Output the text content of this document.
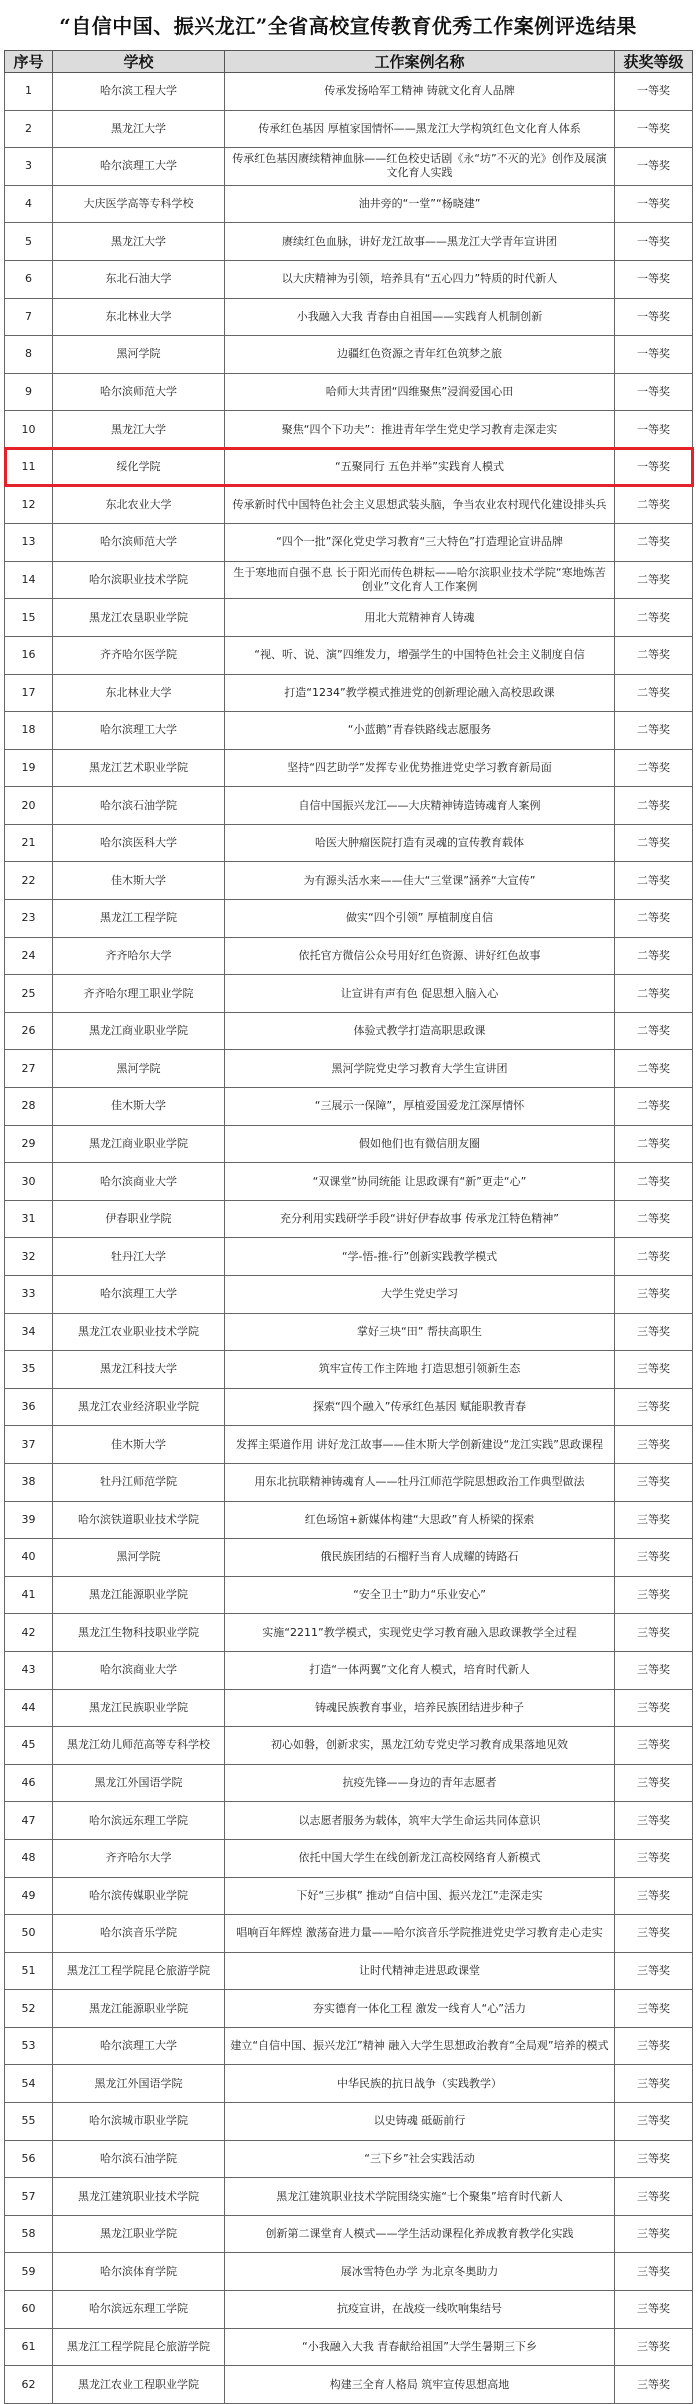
“自信中国、振兴龙江”全省高校宣传教育优秀工作案例评选结果
序号	学校	工作案例名称	获奖等级
1	哈尔滨工程大学	传承发扬哈军工精神 铸就文化育人品牌	一等奖
2	黑龙江大学	传承红色基因 厚植家国情怀——黑龙江大学构筑红色文化育人体系	一等奖
3	哈尔滨理工大学	传承红色基因赓续精神血脉——红色校史话剧《永“坊”不灭的光》创作及展演文化育人实践	一等奖
4	大庆医学高等专科学校	油井旁的“一堂”“杨晓建”	一等奖
5	黑龙江大学	赓续红色血脉，讲好龙江故事——黑龙江大学青年宣讲团	一等奖
6	东北石油大学	以大庆精神为引领，培养具有“五心四力”特质的时代新人	一等奖
7	东北林业大学	小我融入大我 青春由自祖国——实践育人机制创新	一等奖
8	黑河学院	边疆红色资源之青年红色筑梦之旅	一等奖
9	哈尔滨师范大学	哈师大共青团“四维聚焦”浸润爱国心田	一等奖
10	黑龙江大学	聚焦“四个下功夫”：推进青年学生党史学习教育走深走实	一等奖
11	绥化学院	“五聚同行 五色并举”实践育人模式	一等奖
12	东北农业大学	传承新时代中国特色社会主义思想武装头脑，争当农业农村现代化建设排头兵	二等奖
13	哈尔滨师范大学	“四个一批”深化党史学习教育“三大特色”打造理论宣讲品牌	二等奖
14	哈尔滨职业技术学院	生于寒地而自强不息 长于阳光而传色耕耘——哈尔滨职业技术学院“寒地炼苦创业”文化育人工作案例	二等奖
15	黑龙江农垦职业学院	用北大荒精神育人铸魂	二等奖
16	齐齐哈尔医学院	“视、听、说、演”四维发力，增强学生的中国特色社会主义制度自信	二等奖
17	东北林业大学	打造“1234”教学模式推进党的创新理论融入高校思政课	二等奖
18	哈尔滨理工大学	“小蓝鹅”青春铁路线志愿服务	二等奖
19	黑龙江艺术职业学院	坚持“四艺助学”发挥专业优势推进党史学习教育新局面	二等奖
20	哈尔滨石油学院	自信中国振兴龙江——大庆精神铸造铸魂育人案例	二等奖
21	哈尔滨医科大学	哈医大肿瘤医院打造有灵魂的宣传教育载体	二等奖
22	佳木斯大学	为有源头活水来——佳大“三堂课”涵养“大宣传”	二等奖
23	黑龙江工程学院	做实“四个引领” 厚植制度自信	二等奖
24	齐齐哈尔大学	依托官方微信公众号用好红色资源、讲好红色故事	二等奖
25	齐齐哈尔理工职业学院	让宣讲有声有色 促思想入脑入心	二等奖
26	黑龙江商业职业学院	体验式教学打造高职思政课	二等奖
27	黑河学院	黑河学院党史学习教育大学生宣讲团	二等奖
28	佳木斯大学	“三展示一保障”，厚植爱国爱龙江深厚情怀	二等奖
29	黑龙江商业职业学院	假如他们也有微信朋友圈	二等奖
30	哈尔滨商业大学	“双课堂”协同统能 让思政课有“新”更走“心”	二等奖
31	伊春职业学院	充分利用实践研学手段“讲好伊春故事 传承龙江特色精神”	二等奖
32	牡丹江大学	“学-悟-推-行”创新实践教学模式	二等奖
33	哈尔滨理工大学	大学生党史学习	三等奖
34	黑龙江农业职业技术学院	掌好三块“田” 帮扶高职生	三等奖
35	黑龙江科技大学	筑牢宣传工作主阵地 打造思想引领新生态	三等奖
36	黑龙江农业经济职业学院	探索“四个融入”传承红色基因 赋能职教青春	三等奖
37	佳木斯大学	发挥主渠道作用 讲好龙江故事——佳木斯大学创新建设“龙江实践”思政课程	三等奖
38	牡丹江师范学院	用东北抗联精神铸魂育人——牡丹江师范学院思想政治工作典型做法	三等奖
39	哈尔滨铁道职业技术学院	红色场馆+新媒体构建“大思政”育人桥梁的探索	三等奖
40	黑河学院	俄民族团结的石榴籽当育人成耀的铸路石	三等奖
41	黑龙江能源职业学院	“安全卫士”助力“乐业安心”	三等奖
42	黑龙江生物科技职业学院	实施“2211”教学模式，实现党史学习教育融入思政课教学全过程	三等奖
43	哈尔滨商业大学	打造“一体两翼”文化育人模式，培育时代新人	三等奖
44	黑龙江民族职业学院	铸魂民族教育事业，培养民族团结进步种子	三等奖
45	黑龙江幼儿师范高等专科学校	初心如磐，创新求实，黑龙江幼专党史学习教育成果落地见效	三等奖
46	黑龙江外国语学院	抗疫先锋——身边的青年志愿者	三等奖
47	哈尔滨远东理工学院	以志愿者服务为载体，筑牢大学生命运共同体意识	三等奖
48	齐齐哈尔大学	依托中国大学生在线创新龙江高校网络育人新模式	三等奖
49	哈尔滨传媒职业学院	下好“三步棋” 推动“自信中国、振兴龙江”走深走实	三等奖
50	哈尔滨音乐学院	唱响百年辉煌 激荡奋进力量——哈尔滨音乐学院推进党史学习教育走心走实	三等奖
51	黑龙江工程学院昆仑旅游学院	让时代精神走进思政课堂	三等奖
52	黑龙江能源职业学院	夯实德育一体化工程 激发一线育人“心”活力	三等奖
53	哈尔滨理工大学	建立“自信中国、振兴龙江”精神 融入大学生思想政治教育“全局观”培养的模式	三等奖
54	黑龙江外国语学院	中华民族的抗日战争（实践教学）	三等奖
55	哈尔滨城市职业学院	以史铸魂 砥砺前行	三等奖
56	哈尔滨石油学院	“三下乡”社会实践活动	三等奖
57	黑龙江建筑职业技术学院	黑龙江建筑职业技术学院围绕实施“七个聚集”培育时代新人	三等奖
58	黑龙江职业学院	创新第二课堂育人模式——学生活动课程化养成教育教学化实践	三等奖
59	哈尔滨体育学院	展冰雪特色办学 为北京冬奥助力	三等奖
60	哈尔滨远东理工学院	抗疫宣讲，在战疫一线吹响集结号	三等奖
61	黑龙江工程学院昆仑旅游学院	“小我融入大我 青春献给祖国”大学生暑期三下乡	三等奖
62	黑龙江农业工程职业学院	构建三全育人格局 筑牢宣传思想高地	三等奖
